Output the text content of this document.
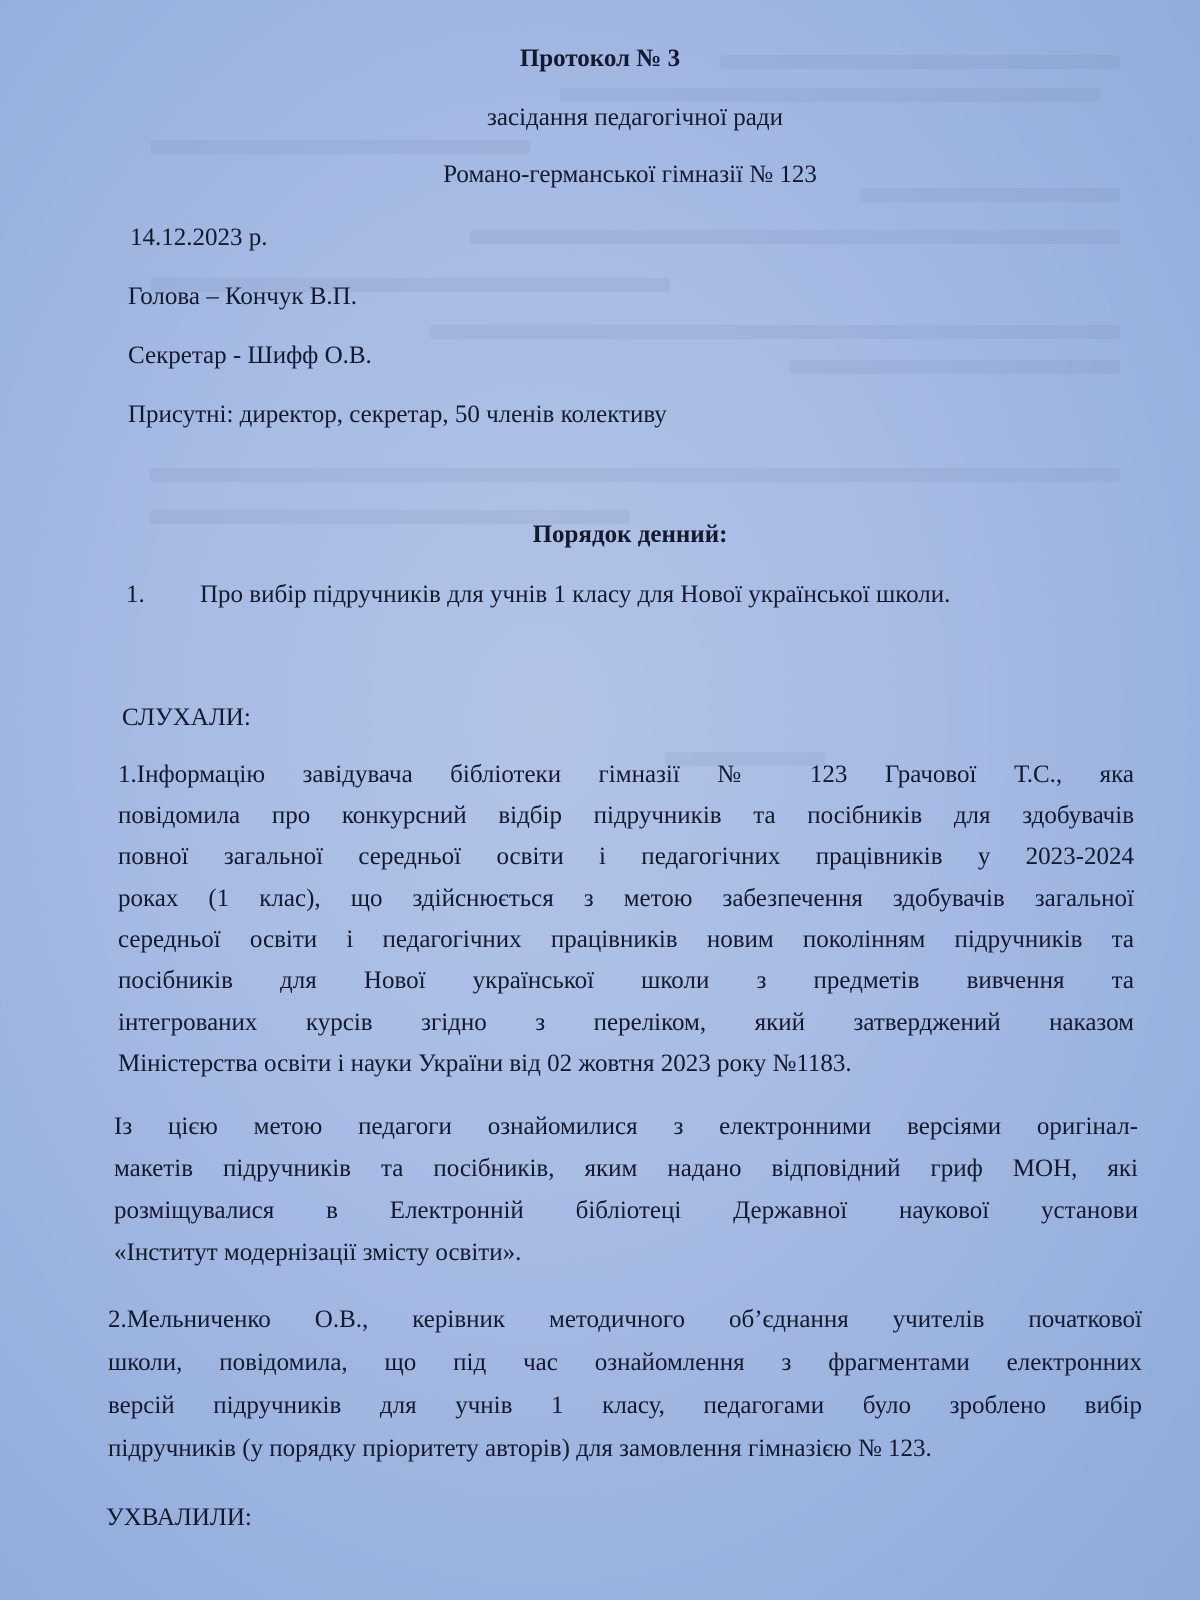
Протокол № 3
засідання педагогічної ради
Романо-германської гімназії № 123
14.12.2023 р.
Голова – Кончук В.П.
Секретар - Шифф О.В.
Присутні: директор, секретар, 50 членів колективу
Порядок денний:
1. Про вибір підручників для учнів 1 класу для Нової української школи.
СЛУХАЛИ:
1.Інформацію завідувача бібліотеки гімназії № 123 Грачової Т.С., яка
повідомила про конкурсний відбір підручників та посібників для здобувачів
повної загальної середньої освіти і педагогічних працівників у 2023-2024
роках (1 клас), що здійснюється з метою забезпечення здобувачів загальної
середньої освіти і педагогічних працівників новим поколінням підручників та
посібників для Нової української школи з предметів вивчення та
інтегрованих курсів згідно з переліком, який затверджений наказом
Міністерства освіти і науки України від 02 жовтня 2023 року №1183.
Із цією метою педагоги ознайомилися з електронними версіями оригінал-
макетів підручників та посібників, яким надано відповідний гриф МОН, які
розміщувалися в Електронній бібліотеці Державної наукової установи
«Інститут модернізації змісту освіти».
2.Мельниченко О.В., керівник методичного об’єднання учителів початкової
школи, повідомила, що під час ознайомлення з фрагментами електронних
версій підручників для учнів 1 класу, педагогами було зроблено вибір
підручників (у порядку пріоритету авторів) для замовлення гімназією № 123.
УХВАЛИЛИ:
